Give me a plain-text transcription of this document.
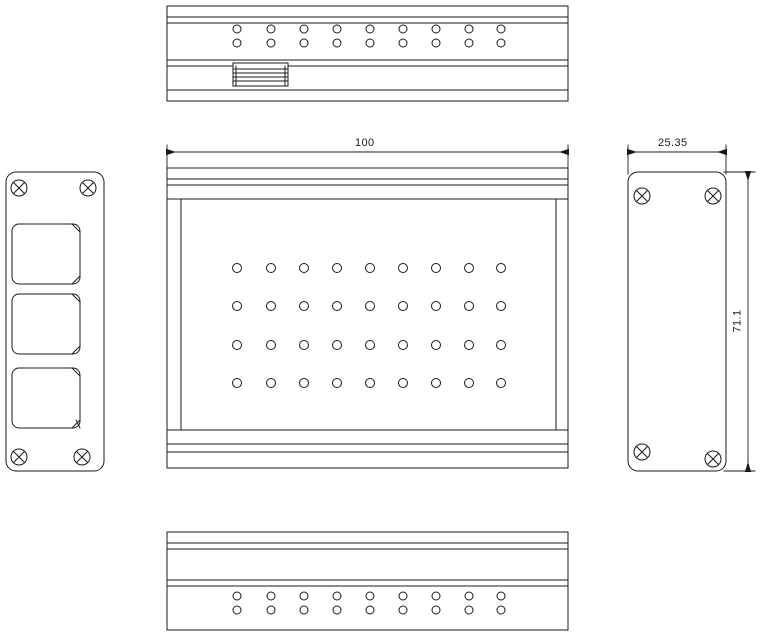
100	25.35
71.1
